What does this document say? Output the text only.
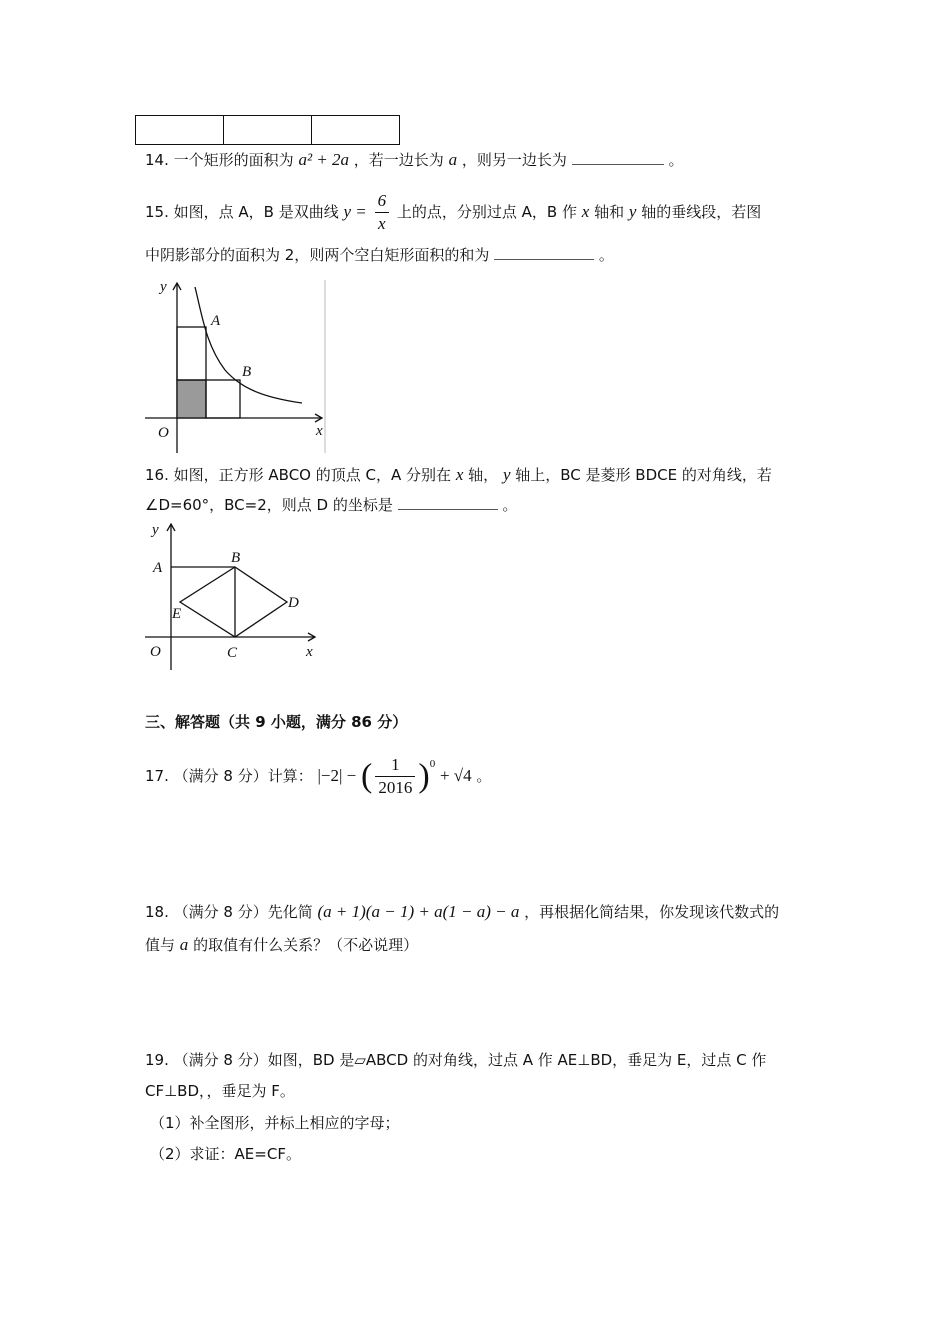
14. 一个矩形的面积为 a² + 2a ，若一边长为 a ，则另一边长为	。
15. 如图，点 A，B 是双曲线 $y = \frac{6}{x}$ 上的点，分别过点 A，B 作 x 轴和 y 轴的垂线段，若图
中阴影部分的面积为 2，则两个空白矩形面积的和为	。
y
x
O
A
B
16. 如图，正方形 ABCO 的顶点 C，A 分别在 x 轴， y 轴上，BC 是菱形 BDCE 的对角线，若
∠D=60°，BC=2，则点 D 的坐标是	。
y
x
O
A
B
C
D
E
三、解答题（共 9 小题，满分 86 分）
17. （满分 8 分）计算： |−2| − ( $\frac{1}{2016} )^0 + √4$ 。
18. （满分 8 分）先化简 (a + 1)(a − 1) + a(1 − a) − a ，再根据化简结果，你发现该代数式的
值与 a 的取值有什么关系？（不必说理）
19. （满分 8 分）如图，BD 是▱ABCD 的对角线，过点 A 作 AE⊥BD，垂足为 E，过点 C 作
CF⊥BD，，垂足为 F。
（1）补全图形，并标上相应的字母；
（2）求证：AE=CF。
